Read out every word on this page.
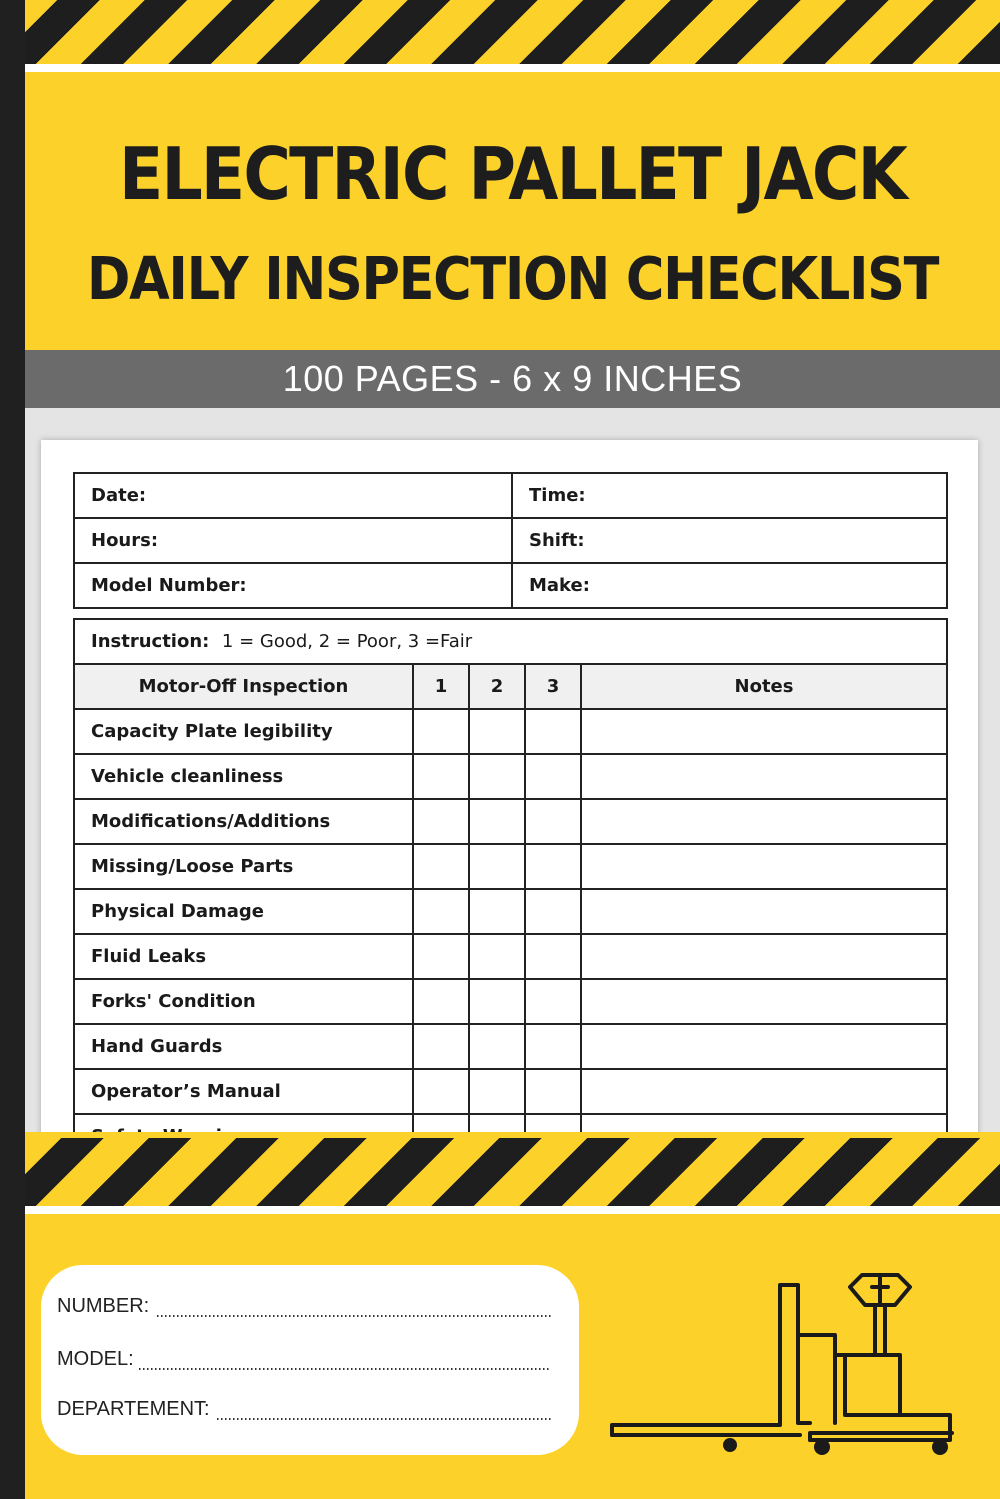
ELECTRIC PALLET JACK
DAILY INSPECTION CHECKLIST
100 PAGES - 6 x 9 INCHES
Date:	Time:
Hours:	Shift:
Model Number:	Make:
Instruction: 1 = Good, 2 = Poor, 3 =Fair				
Motor-Off Inspection	1	2	3	Notes
Capacity Plate legibility				
Vehicle cleanliness				
Modifications/Additions				
Missing/Loose Parts				
Physical Damage				
Fluid Leaks				
Forks' Condition				
Hand Guards				
Operator’s Manual				

NUMBER:
MODEL:
DEPARTEMENT:
